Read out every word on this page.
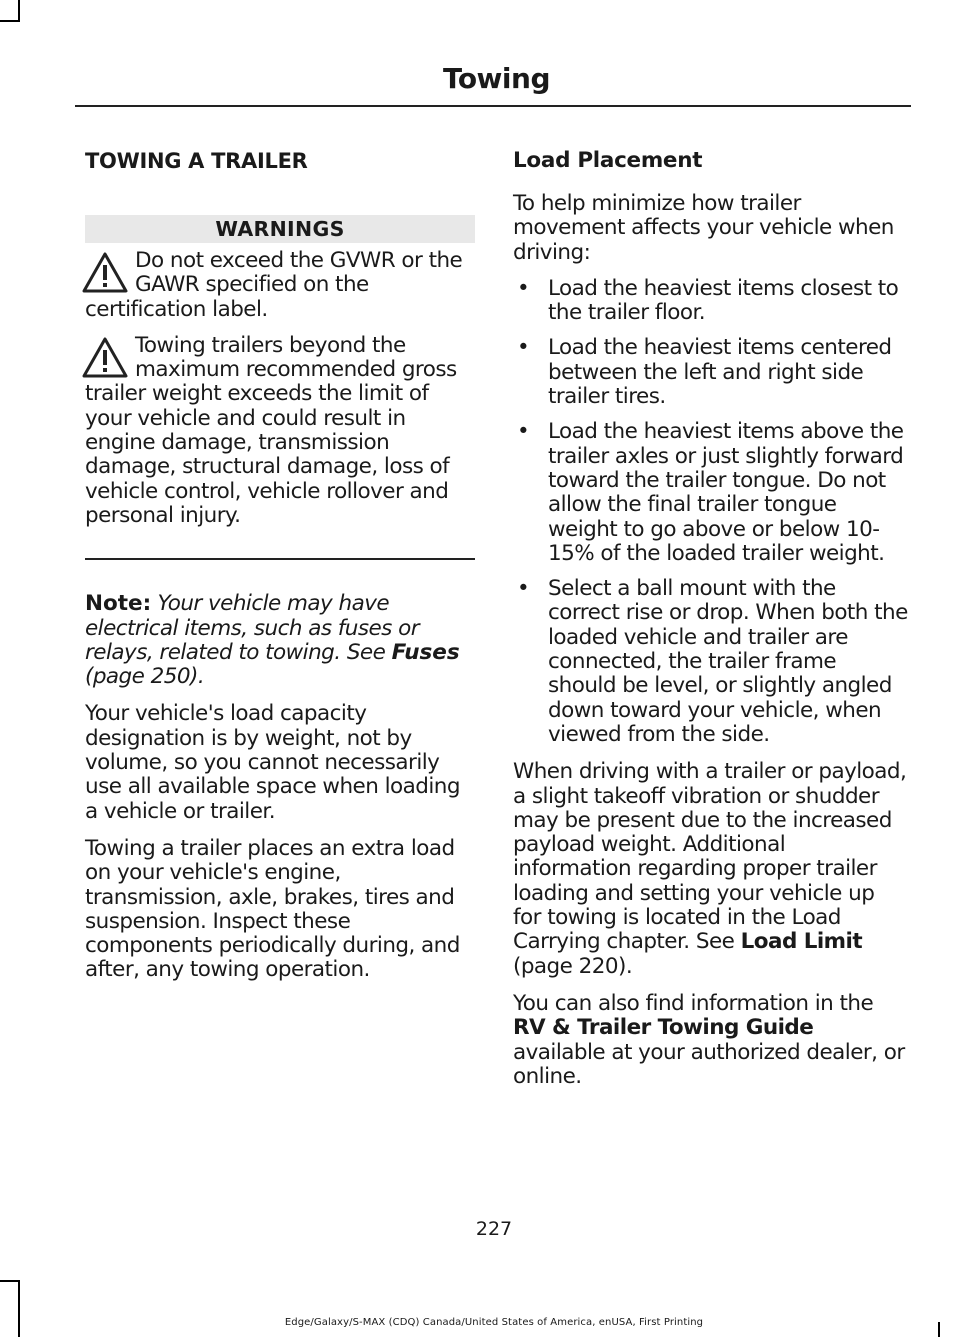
Towing
TOWING A TRAILER
WARNINGS

Do not exceed the GVWR or the GAWR specified on the certification label.

Towing trailers beyond the maximum recommended gross trailer weight exceeds the limit of your vehicle and could result in engine damage, transmission damage, structural damage, loss of vehicle control, vehicle rollover and personal injury.

Note: Your vehicle may have electrical items, such as fuses or relays, related to towing. See Fuses (page 250).

Your vehicle's load capacity designation is by weight, not by volume, so you cannot necessarily use all available space when loading a vehicle or trailer.

Towing a trailer places an extra load on your vehicle's engine, transmission, axle, brakes, tires and suspension. Inspect these components periodically during, and after, any towing operation.

Load Placement

To help minimize how trailer movement affects your vehicle when driving:

• Load the heaviest items closest to the trailer floor.
• Load the heaviest items centered between the left and right side trailer tires.
• Load the heaviest items above the trailer axles or just slightly forward toward the trailer tongue. Do not allow the final trailer tongue weight to go above or below 10-15% of the loaded trailer weight.
• Select a ball mount with the correct rise or drop. When both the loaded vehicle and trailer are connected, the trailer frame should be level, or slightly angled down toward your vehicle, when viewed from the side.

When driving with a trailer or payload, a slight takeoff vibration or shudder may be present due to the increased payload weight. Additional information regarding proper trailer loading and setting your vehicle up for towing is located in the Load Carrying chapter. See Load Limit (page 220).

You can also find information in the RV & Trailer Towing Guide available at your authorized dealer, or online.

227
Edge/Galaxy/S-MAX (CDQ) Canada/United States of America, enUSA, First Printing
